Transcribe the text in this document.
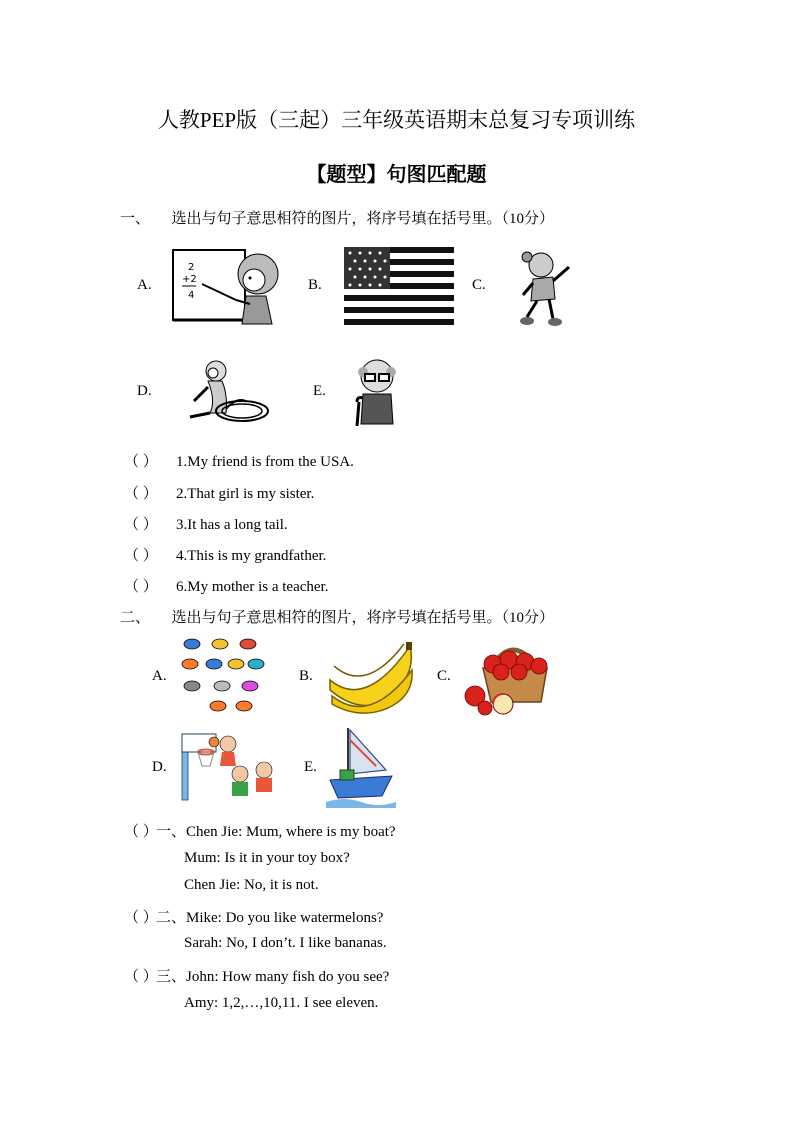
人教PEP版（三起）三年级英语期末总复习专项训练
【题型】句图匹配题
一、 选出与句子意思相符的图片，将序号填在括号里。（10分）
A.
2
+2
4
B.	C.
D.	E.
（ ） 1.My friend is from the USA.
（ ） 2.That girl is my sister.
（ ） 3.It has a long tail.
（ ） 4.This is my grandfather.
（ ） 6.My mother is a teacher.
二、 选出与句子意思相符的图片，将序号填在括号里。（10分）
A.	B.	C.
D.	E.
（ ）一、Chen Jie: Mum, where is my boat?
Mum: Is it in your toy box?
Chen Jie: No, it is not.
（ ）二、Mike: Do you like watermelons?
Sarah: No, I don’t. I like bananas.
（ ）三、John: How many fish do you see?
Amy: 1,2,…,10,11. I see eleven.
